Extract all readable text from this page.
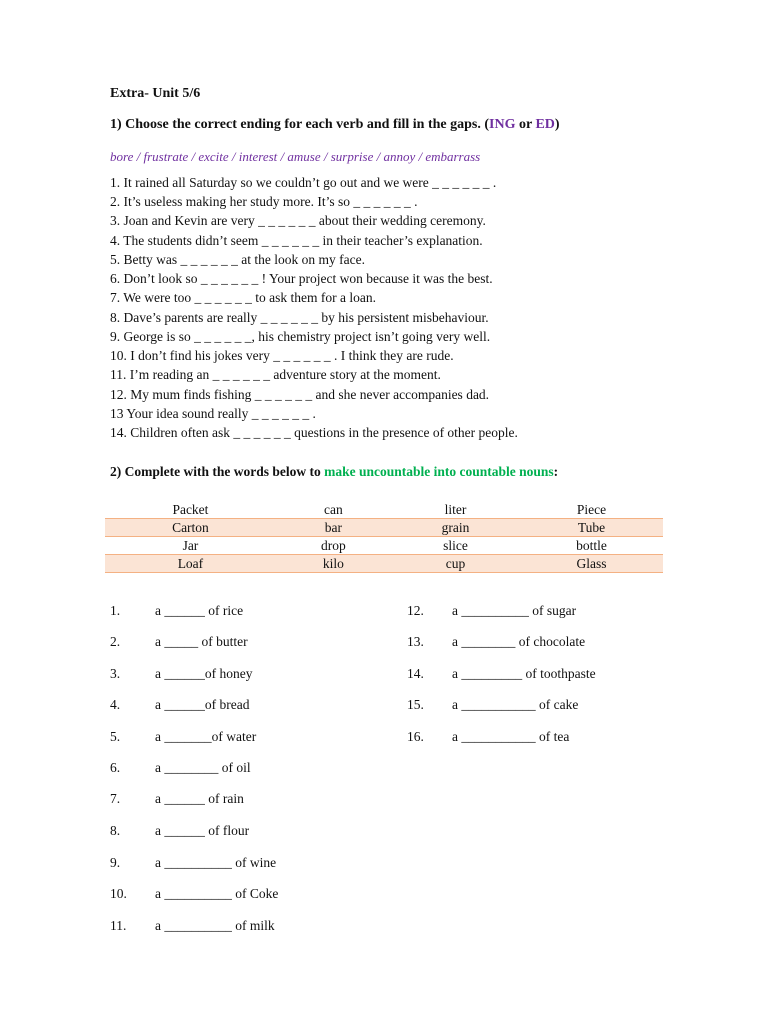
Extra- Unit 5/6
1) Choose the correct ending for each verb and fill in the gaps. (ING or ED)
bore / frustrate / excite / interest / amuse / surprise / annoy / embarrass
1. It rained all Saturday so we couldn’t go out and we were _ _ _ _ _ _ .
2. It’s useless making her study more. It’s so _ _ _ _ _ _ .
3. Joan and Kevin are very _ _ _ _ _ _ about their wedding ceremony.
4. The students didn’t seem _ _ _ _ _ _ in their teacher’s explanation.
5. Betty was _ _ _ _ _ _ at the look on my face.
6. Don’t look so _ _ _ _ _ _ ! Your project won because it was the best.
7. We were too _ _ _ _ _ _ to ask them for a loan.
8. Dave’s parents are really _ _ _ _ _ _ by his persistent misbehaviour.
9. George is so _ _ _ _ _ _, his chemistry project isn’t going very well.
10. I don’t find his jokes very _ _ _ _ _ _ . I think they are rude.
11. I’m reading an _ _ _ _ _ _ adventure story at the moment.
12. My mum finds fishing _ _ _ _ _ _ and she never accompanies dad.
13 Your idea sound really _ _ _ _ _ _ .
14. Children often ask _ _ _ _ _ _ questions in the presence of other people.
2) Complete with the words below to make uncountable into countable nouns:
Packet	can	liter	Piece
Carton	bar	grain	Tube
Jar	drop	slice	bottle
Loaf	kilo	cup	Glass
1.	a ______ of rice
2.	a _____ of butter
3.	a ______of honey
4.	a ______of bread
5.	a _______of water
6.	a ________ of oil
7.	a ______ of rain
8.	a ______ of flour
9.	a __________ of wine
10. a __________ of Coke
11. a __________ of milk
12. a __________ of sugar
13. a ________ of chocolate
14. a _________ of toothpaste
15. a ___________ of cake
16. a ___________ of tea
